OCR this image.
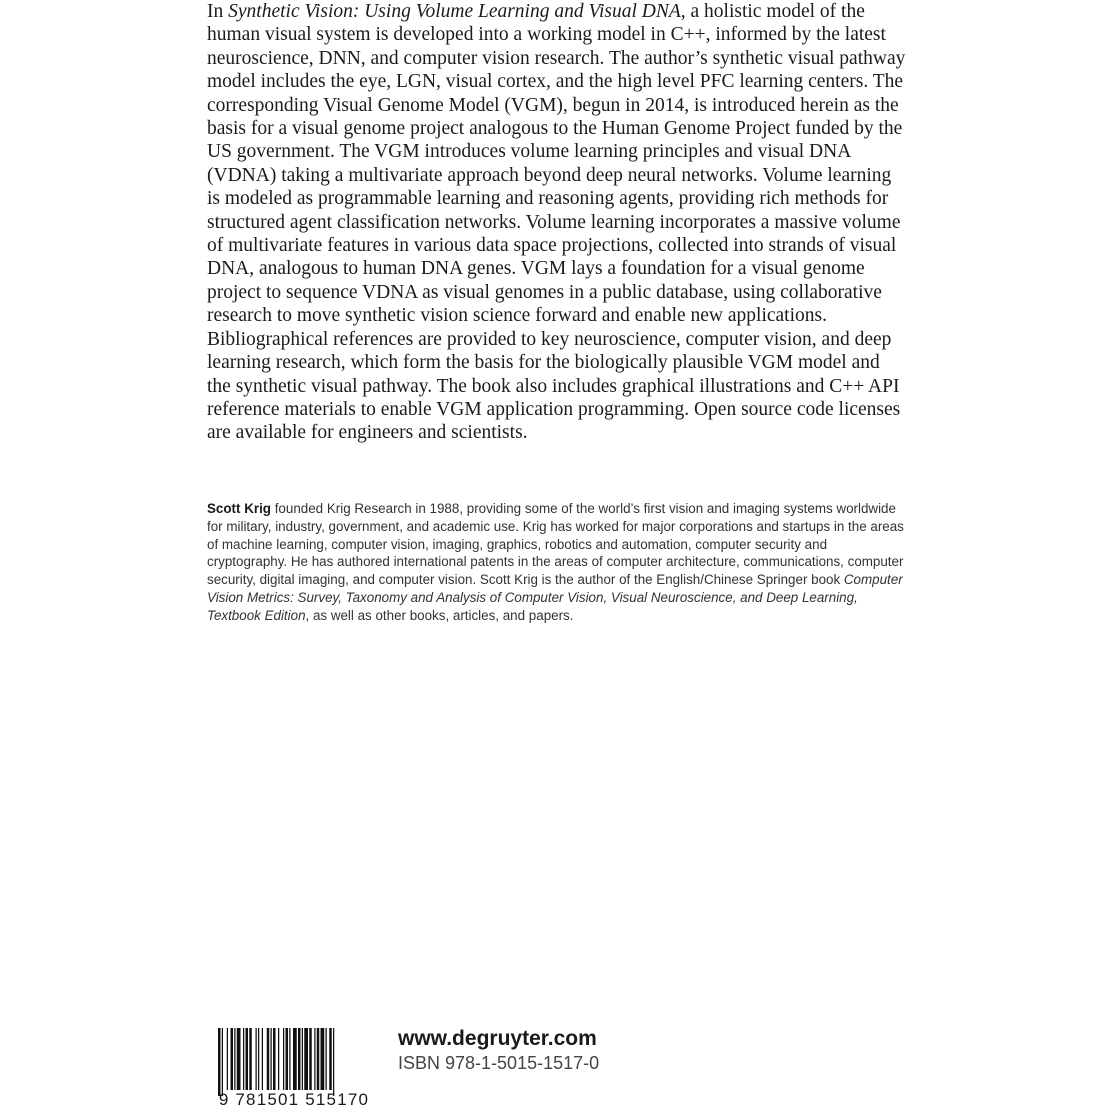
In Synthetic Vision: Using Volume Learning and Visual DNA, a holistic model of the human visual system is developed into a working model in C++, informed by the latest neuroscience, DNN, and computer vision research. The author’s synthetic visual pathway model includes the eye, LGN, visual cortex, and the high level PFC learning centers. The corresponding Visual Genome Model (VGM), begun in 2014, is introduced herein as the basis for a visual genome project analogous to the Human Genome Project funded by the US government. The VGM introduces volume learning principles and visual DNA (VDNA) taking a multivariate approach beyond deep neural networks. Volume learning is modeled as programmable learning and reasoning agents, providing rich methods for structured agent classification networks. Volume learning incorporates a massive volume of multivariate features in various data space projections, collected into strands of visual DNA, analogous to human DNA genes. VGM lays a foundation for a visual genome project to sequence VDNA as visual genomes in a public database, using collaborative research to move synthetic vision science forward and enable new applications. Bibliographical references are provided to key neuroscience, computer vision, and deep learning research, which form the basis for the biologically plausible VGM model and the synthetic visual pathway. The book also includes graphical illustrations and C++ API reference materials to enable VGM application programming. Open source code licenses are available for engineers and scientists.

Scott Krig founded Krig Research in 1988, providing some of the world’s first vision and imaging systems worldwide for military, industry, government, and academic use. Krig has worked for major corporations and startups in the areas of machine learning, computer vision, imaging, graphics, robotics and automation, computer security and cryptography. He has authored international patents in the areas of computer architecture, communications, computer security, digital imaging, and computer vision. Scott Krig is the author of the English/Chinese Springer book Computer Vision Metrics: Survey, Taxonomy and Analysis of Computer Vision, Visual Neuroscience, and Deep Learning, Textbook Edition, as well as other books, articles, and papers.

9 781501 515170
www.degruyter.com
ISBN 978-1-5015-1517-0
